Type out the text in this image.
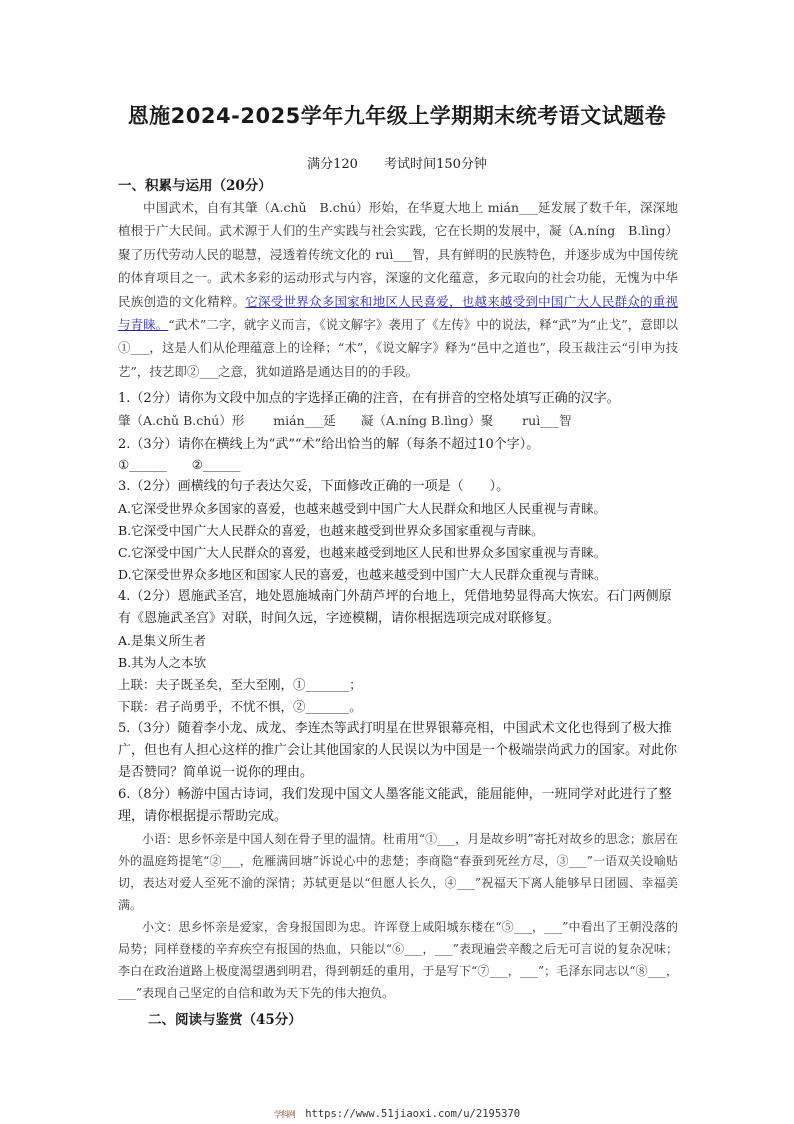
恩施2024-2025学年九年级上学期期末统考语文试题卷
满分120 考试时间150分钟
一、积累与运用（20分）
中国武术，自有其肇（A.chǔ　B.chú）形始，在华夏大地上 mián___延发展了数千年，深深地植根于广大民间。武术源于人们的生产实践与社会实践，它在长期的发展中，凝（A.níng　B.lìng）聚了历代劳动人民的聪慧，浸透着传统文化的 ruì___智，具有鲜明的民族特色，并逐步成为中国传统的体育项目之一。武术多彩的运动形式与内容，深邃的文化蕴意，多元取向的社会功能，无愧为中华民族创造的文化精粹。它深受世界众多国家和地区人民喜爱，也越来越受到中国广大人民群众的重视与青睐。“武术”二字，就字义而言，《说文解字》袭用了《左传》中的说法，释“武”为“止戈”，意即以①___，这是人们从伦理蕴意上的诠释；“术”，《说文解字》释为“邑中之道也”，段玉裁注云“引申为技艺”，技艺即②___之意，犹如道路是通达目的的手段。
1.（2分）请你为文段中加点的字选择正确的注音，在有拼音的空格处填写正确的汉字。
肇（A.chǔ B.chú）形　　 mián___延　　凝（A.níng B.lìng）聚　　 ruì___智
2.（3分）请你在横线上为“武”“术”给出恰当的解（每条不超过10个字）。
①______　　②______
3.（2分）画横线的句子表达欠妥，下面修改正确的一项是（　　）。
A.它深受世界众多国家的喜爱，也越来越受到中国广大人民群众和地区人民重视与青睐。
B.它深受中国广大人民群众的喜爱，也越来越受到世界众多国家重视与青睐。
C.它深受中国广大人民群众的喜爱，也越来越受到地区人民和世界众多国家重视与青睐。
D.它深受世界众多地区和国家人民的喜爱，也越来越受到中国广大人民群众重视与青睐。
4.（2分）恩施武圣宫，地处恩施城南门外葫芦坪的台地上，凭借地势显得高大恢宏。石门两侧原有《恩施武圣宫》对联，时间久远，字迹模糊，请你根据选项完成对联修复。
A.是集义所生者
B.其为人之本欤
上联：夫子既圣矣，至大至刚，①_______；
下联：君子尚勇乎，不忧不惧，②_______。
5.（3分）随着李小龙、成龙、李连杰等武打明星在世界银幕亮相，中国武术文化也得到了极大推广，但也有人担心这样的推广会让其他国家的人民误以为中国是一个极端崇尚武力的国家。对此你是否赞同？简单说一说你的理由。
6.（8分）畅游中国古诗词，我们发现中国文人墨客能文能武，能屈能伸，一班同学对此进行了整理，请你根据提示帮助完成。
小语：思乡怀亲是中国人刻在骨子里的温情。杜甫用“①___，月是故乡明”寄托对故乡的思念；旅居在外的温庭筠提笔“②___，危雁满回塘”诉说心中的悲楚；李商隐“春蚕到死丝方尽，③___”一语双关设喻贴切，表达对爱人至死不渝的深情；苏轼更是以“但愿人长久，④___”祝福天下离人能够早日团圆、幸福美满。
小文：思乡怀亲是爱家，舍身报国即为忠。许诨登上咸阳城东楼在“⑤___，___”中看出了王朝没落的局势；同样登楼的辛弃疾空有报国的热血，只能以“⑥___，___”表现遍尝辛酸之后无可言说的复杂况味；李白在政治道路上极度渴望遇到明君，得到朝廷的重用，于是写下“⑦___，___”；毛泽东同志以“⑧___，___”表现自己坚定的自信和敢为天下先的伟大抱负。
二、阅读与鉴赏（45分）
学科网 https://www.51jiaoxi.com/u/2195370
